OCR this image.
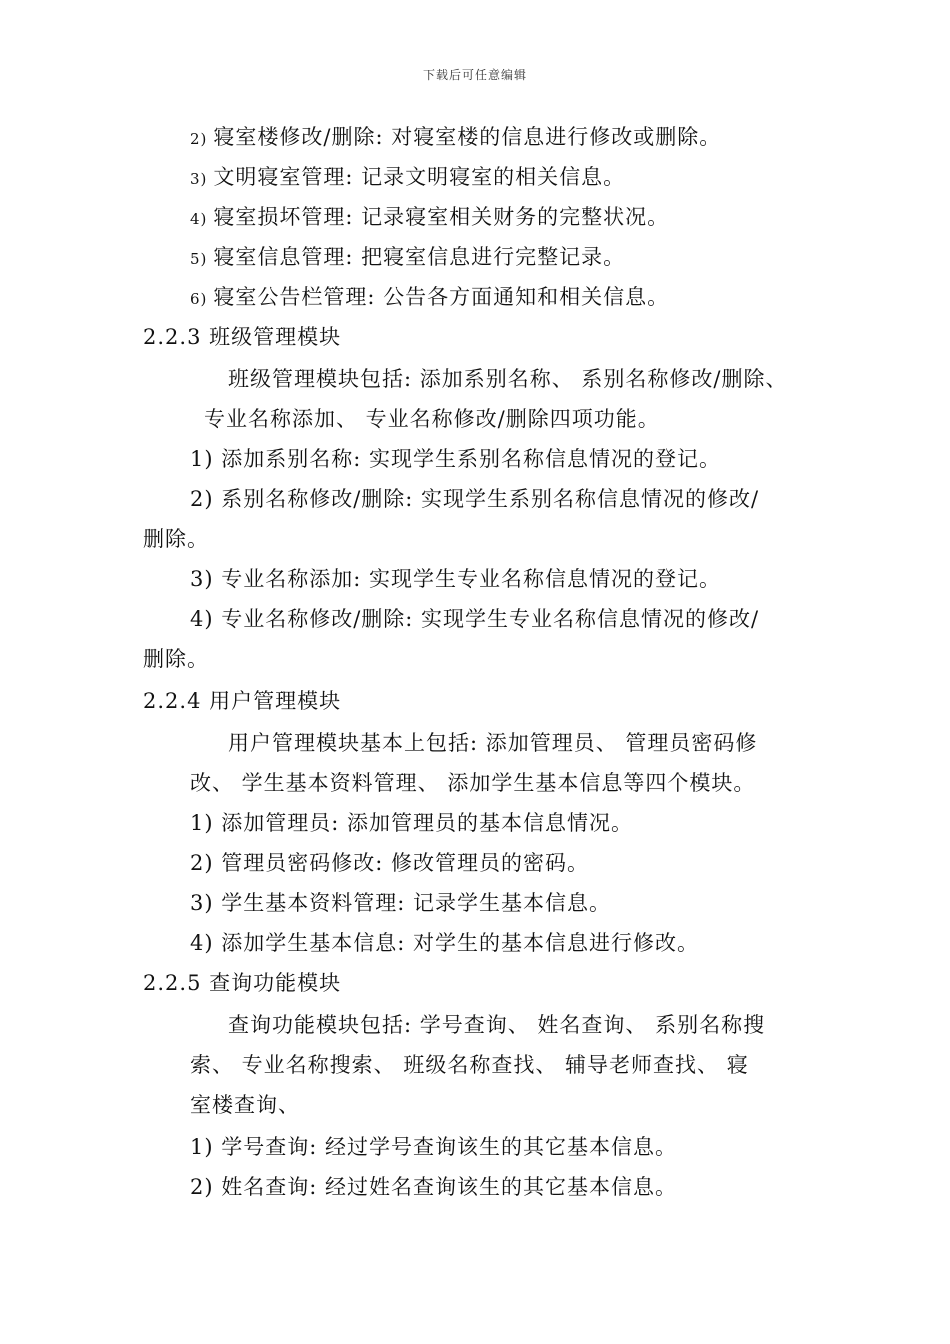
下载后可任意编辑
2) 寝室楼修改/删除: 对寝室楼的信息进行修改或删除。
3) 文明寝室管理: 记录文明寝室的相关信息。
4) 寝室损坏管理: 记录寝室相关财务的完整状况。
5) 寝室信息管理: 把寝室信息进行完整记录。
6) 寝室公告栏管理: 公告各方面通知和相关信息。
2.2.3 班级管理模块
班级管理模块包括: 添加系别名称、 系别名称修改/删除、
专业名称添加、 专业名称修改/删除四项功能。
1) 添加系别名称: 实现学生系别名称信息情况的登记。
2) 系别名称修改/删除: 实现学生系别名称信息情况的修改/
删除。
3) 专业名称添加: 实现学生专业名称信息情况的登记。
4) 专业名称修改/删除: 实现学生专业名称信息情况的修改/
删除。
2.2.4 用户管理模块
用户管理模块基本上包括: 添加管理员、 管理员密码修
改、 学生基本资料管理、 添加学生基本信息等四个模块。
1) 添加管理员: 添加管理员的基本信息情况。
2) 管理员密码修改: 修改管理员的密码。
3) 学生基本资料管理: 记录学生基本信息。
4) 添加学生基本信息: 对学生的基本信息进行修改。
2.2.5 查询功能模块
查询功能模块包括: 学号查询、 姓名查询、 系别名称搜
索、 专业名称搜索、 班级名称查找、 辅导老师查找、 寝
室楼查询、
1) 学号查询: 经过学号查询该生的其它基本信息。
2) 姓名查询: 经过姓名查询该生的其它基本信息。
